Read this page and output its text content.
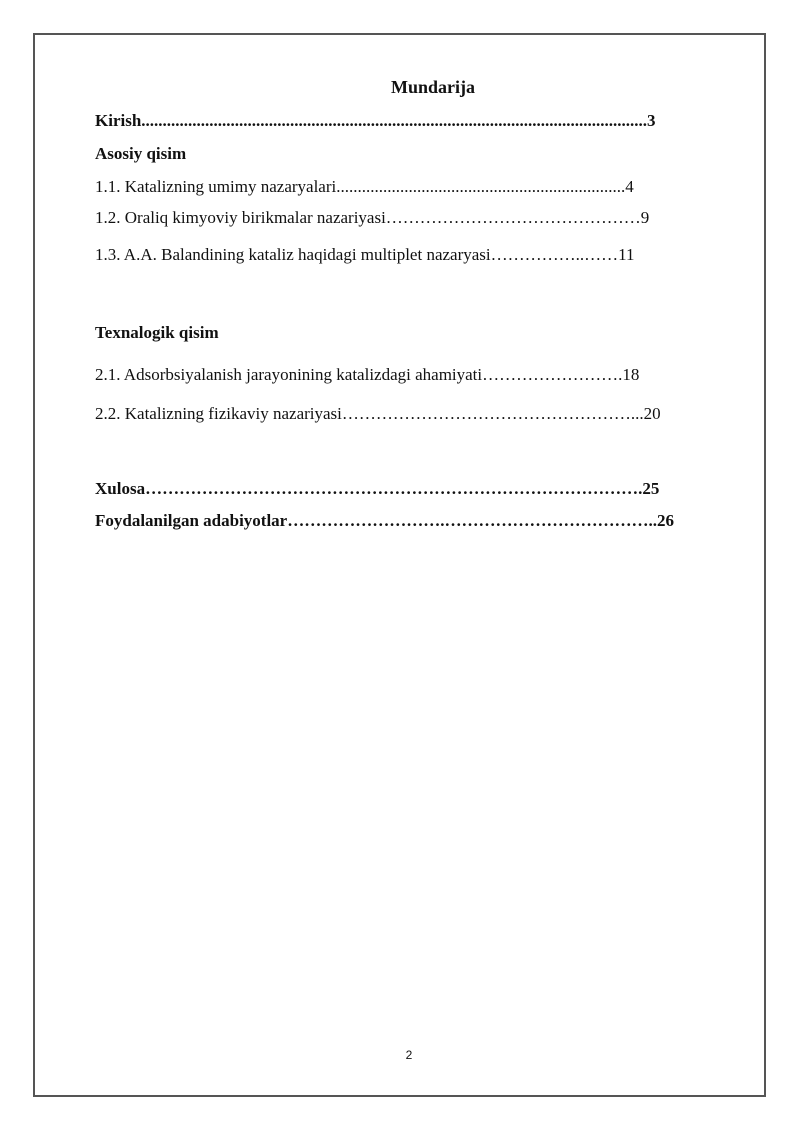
Mundarija
Kirish.......................................................................................................................3
Asosiy qisim
1.1. Katalizning umimy nazaryalari....................................................................4
1.2. Oraliq kimyoviy birikmalar nazariyasi………………………………………9
1.3. A.A. Balandining kataliz haqidagi multiplet nazaryasi……………..……11
Texnalogik qisim
2.1. Adsorbsiyalanish jarayonining katalizdagi ahamiyati…………………….18
2.2. Katalizning fizikaviy nazariyasi……………………………………………...20
Xulosa…………………………………………………………………………….25
Foydalanilgan adabiyotlar……………………….………………………………..26
2
